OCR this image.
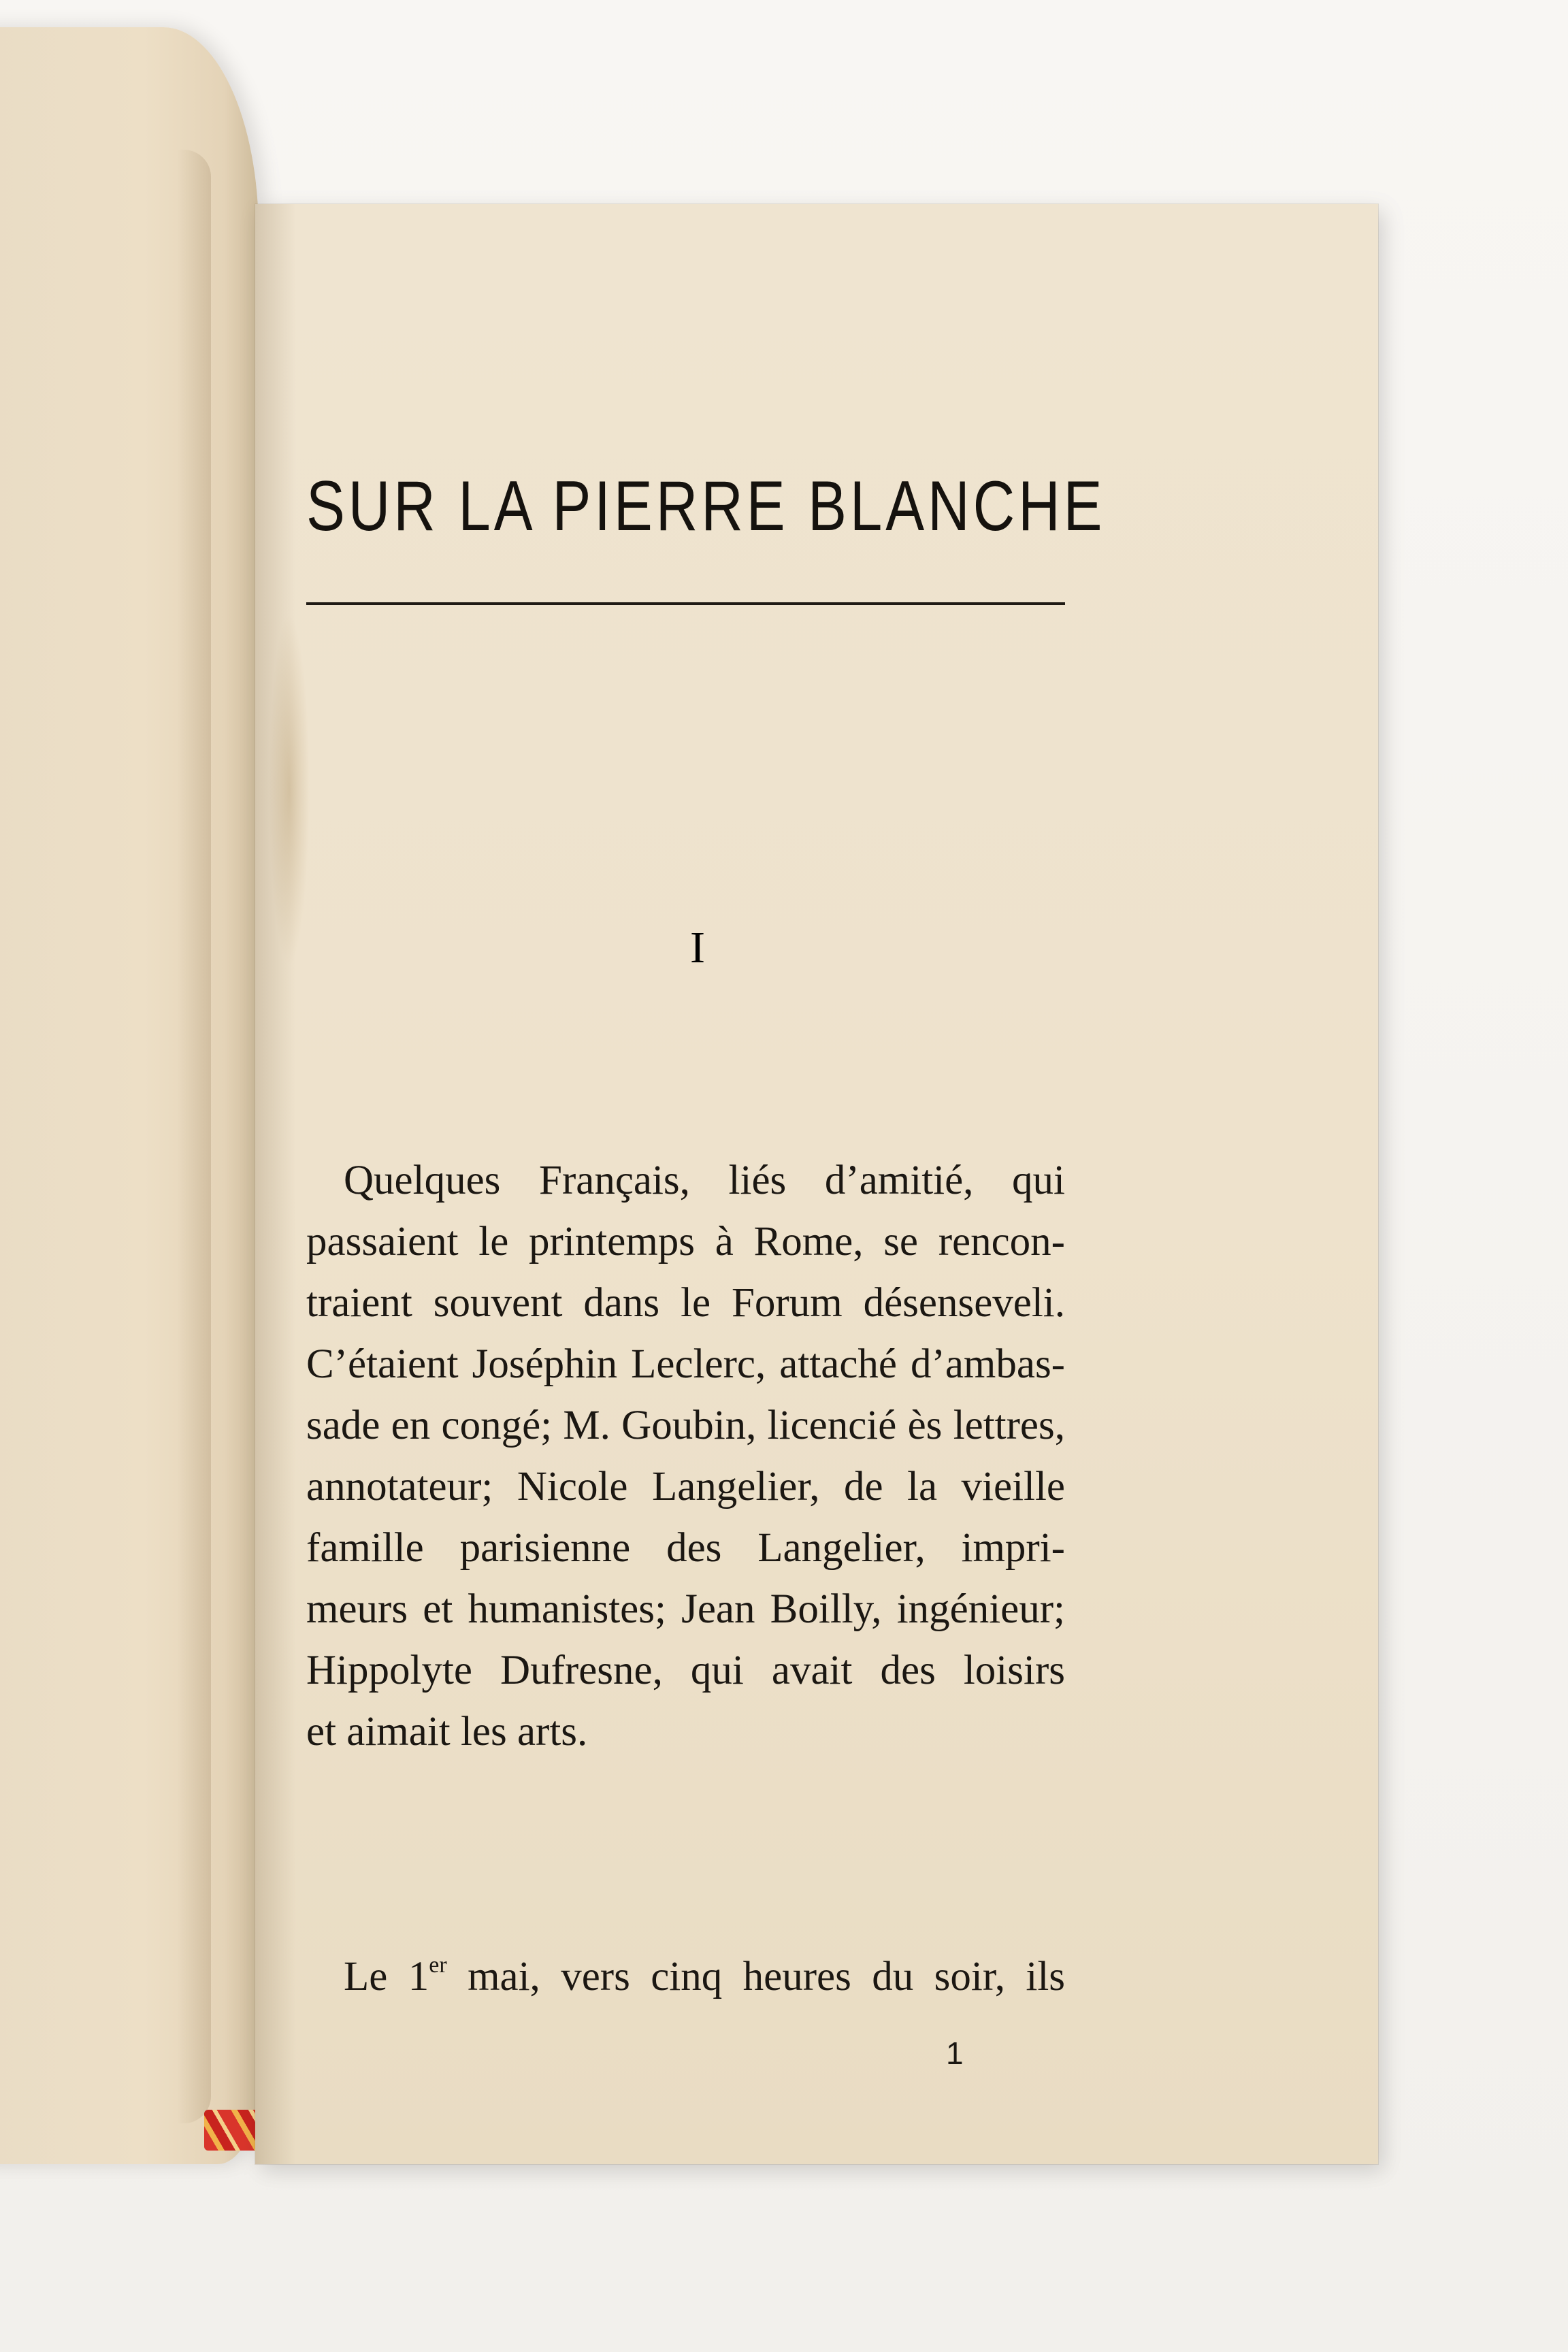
SUR LA PIERRE BLANCHE
I

Quelques Français, liés d’amitié, qui
passaient le printemps à Rome, se rencon-
traient souvent dans le Forum désenseveli.
C’étaient Joséphin Leclerc, attaché d’ambas-
sade en congé; M. Goubin, licencié ès lettres,
annotateur; Nicole Langelier, de la vieille
famille parisienne des Langelier, impri-
meurs et humanistes; Jean Boilly, ingénieur;
Hippolyte Dufresne, qui avait des loisirs
et aimait les arts.

Le 1er mai, vers cinq heures du soir, ils

1
